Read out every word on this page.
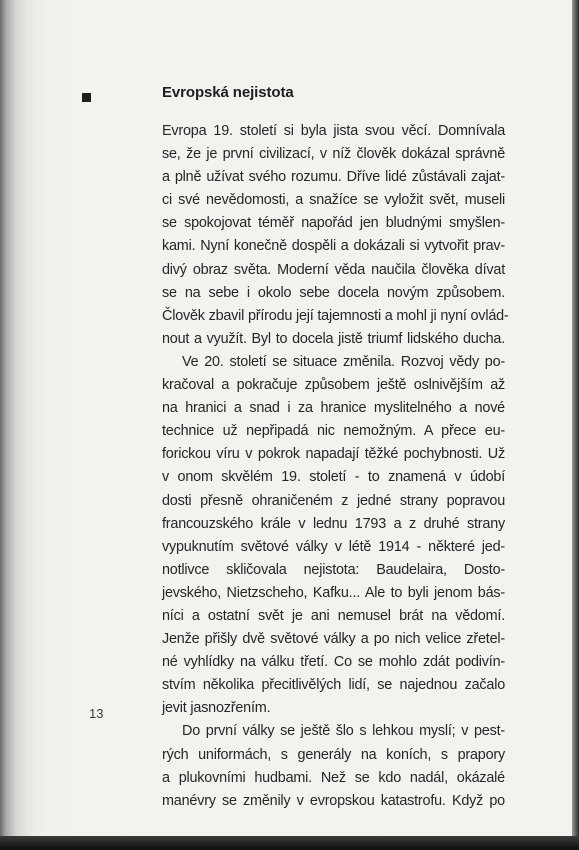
Evropská nejistota
Evropa 19. století si byla jista svou věcí. Domnívala
se, že je první civilizací, v níž člověk dokázal správně
a plně užívat svého rozumu. Dříve lidé zůstávali zajat-
ci své nevědomosti, a snažíce se vyložit svět, museli
se spokojovat téměř napořád jen bludnými smyšlen-
kami. Nyní konečně dospěli a dokázali si vytvořit prav-
divý obraz světa. Moderní věda naučila člověka dívat
se na sebe i okolo sebe docela novým způsobem.
Člověk zbavil přírodu její tajemnosti a mohl ji nyní ovlád-
nout a využít. Byl to docela jistě triumf lidského ducha.
Ve 20. století se situace změnila. Rozvoj vědy po-
kračoval a pokračuje způsobem ještě oslnivějším až
na hranici a snad i za hranice myslitelného a nové
technice už nepřipadá nic nemožným. A přece eu-
forickou víru v pokrok napadají těžké pochybnosti. Už
v onom skvělém 19. století - to znamená v údobí
dosti přesně ohraničeném z jedné strany popravou
francouzského krále v lednu 1793 a z druhé strany
vypuknutím světové války v létě 1914 - některé jed-
notlivce skličovala nejistota: Baudelaira, Dosto-
jevského, Nietzscheho, Kafku... Ale to byli jenom bás-
níci a ostatní svět je ani nemusel brát na vědomí.
Jenže přišly dvě světové války a po nich velice zřetel-
né vyhlídky na válku třetí. Co se mohlo zdát podivín-
stvím několika přecitlivělých lidí, se najednou začalo
jevit jasnozřením.
Do první války se ještě šlo s lehkou myslí; v pest-
rých uniformách, s generály na koních, s prapory
a plukovními hudbami. Než se kdo nadál, okázalé
manévry se změnily v evropskou katastrofu. Když po
13
